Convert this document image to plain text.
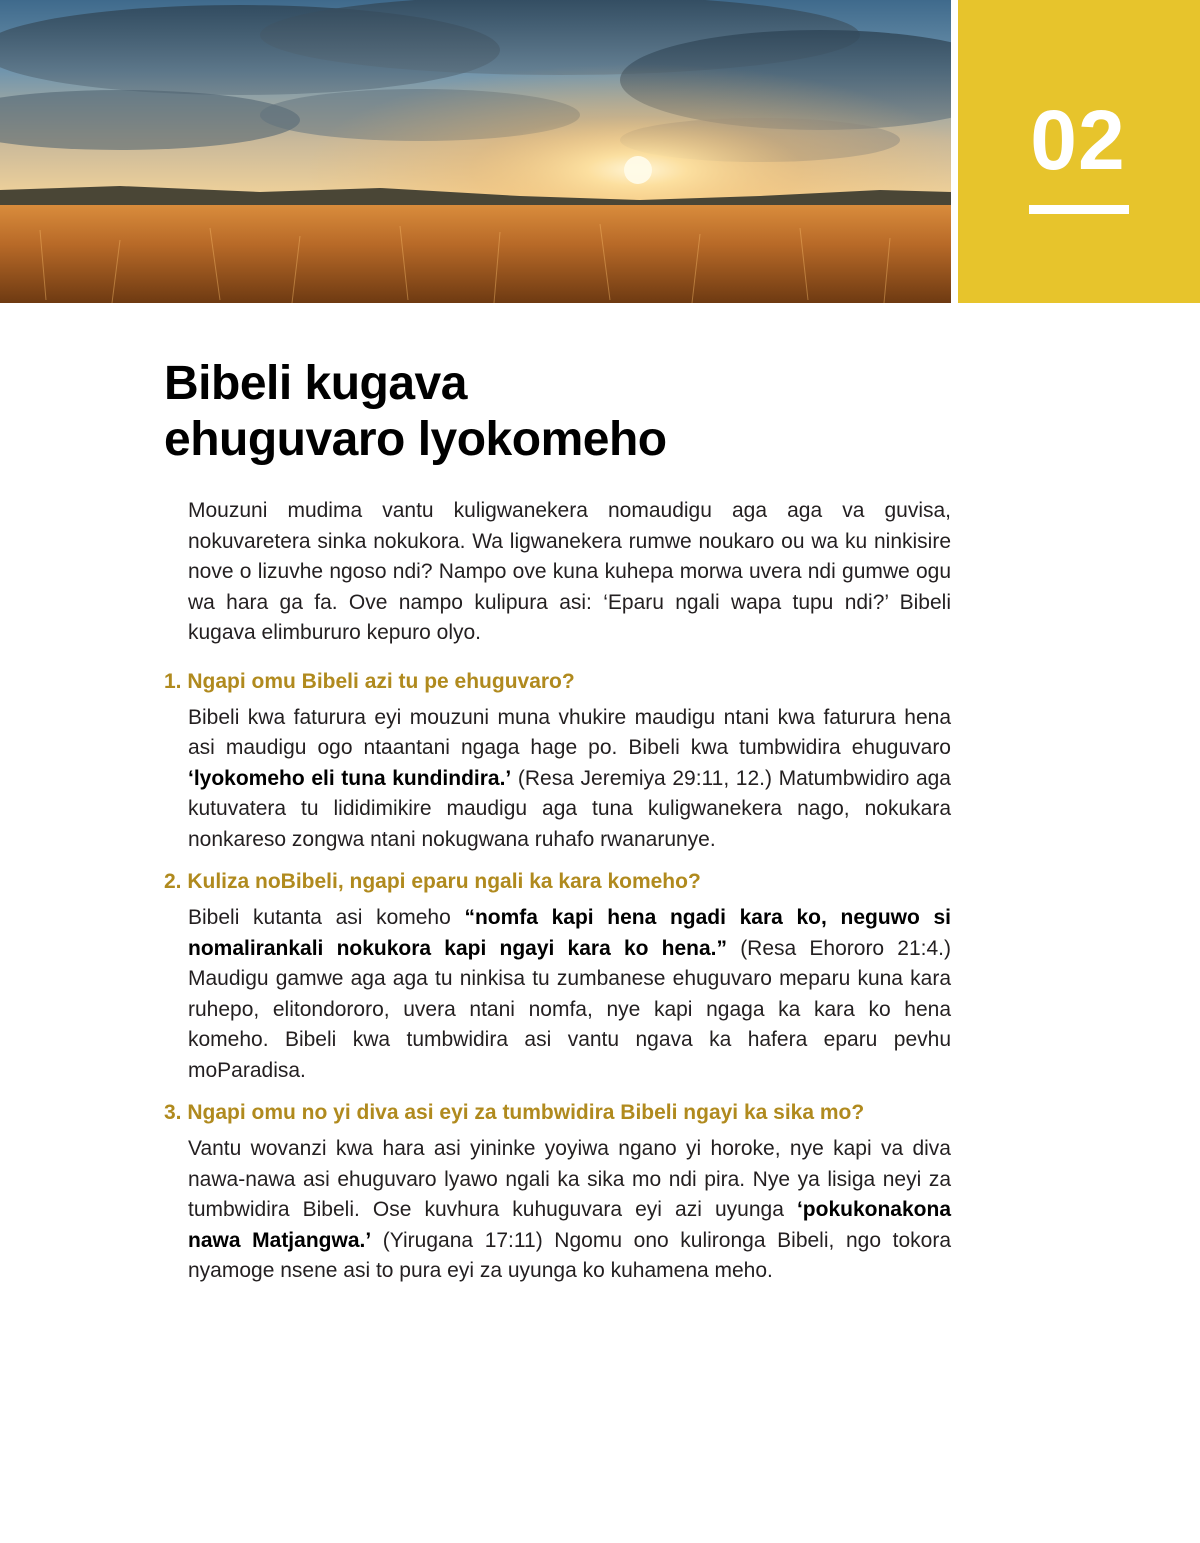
02
Bibeli kugava
ehuguvaro lyokomeho

Mouzuni mudima vantu kuligwanekera nomaudigu aga aga va guvisa, nokuvaretera sinka nokukora. Wa ligwanekera rumwe noukaro ou wa ku ninkisire nove o lizuvhe ngoso ndi? Nampo ove kuna kuhepa morwa uvera ndi gumwe ogu wa hara ga fa. Ove nampo kulipura asi: ‘Eparu ngali wapa tupu ndi?’ Bibeli kugava elimbururo kepuro olyo.

1. Ngapi omu Bibeli azi tu pe ehuguvaro?

Bibeli kwa faturura eyi mouzuni muna vhukire maudigu ntani kwa faturura hena asi maudigu ogo ntaantani ngaga hage po. Bibeli kwa tumbwidira ehuguvaro ‘lyokomeho eli tuna kundindira.’ (Resa Jeremiya 29:11, 12.) Matumbwidiro aga kutuvatera tu lididimikire maudigu aga tuna kuligwanekera nago, nokukara nonkareso zongwa ntani nokugwana ruhafo rwanarunye.

2. Kuliza noBibeli, ngapi eparu ngali ka kara komeho?

Bibeli kutanta asi komeho “nomfa kapi hena ngadi kara ko, neguwo si nomalirankali nokukora kapi ngayi kara ko hena.” (Resa Ehororo 21:4.) Maudigu gamwe aga aga tu ninkisa tu zumbanese ehuguvaro meparu kuna kara ruhepo, elitondororo, uvera ntani nomfa, nye kapi ngaga ka kara ko hena komeho. Bibeli kwa tumbwidira asi vantu ngava ka hafera eparu pevhu moParadisa.

3. Ngapi omu no yi diva asi eyi za tumbwidira Bibeli ngayi ka sika mo?

Vantu wovanzi kwa hara asi yininke yoyiwa ngano yi horoke, nye kapi va diva nawa-nawa asi ehuguvaro lyawo ngali ka sika mo ndi pira. Nye ya lisiga neyi za tumbwidira Bibeli. Ose kuvhura kuhuguvara eyi azi uyunga ‘pokukonakona nawa Matjangwa.’ (Yirugana 17:11) Ngomu ono kulironga Bibeli, ngo tokora nyamoge nsene asi to pura eyi za uyunga ko kuhamena meho.
